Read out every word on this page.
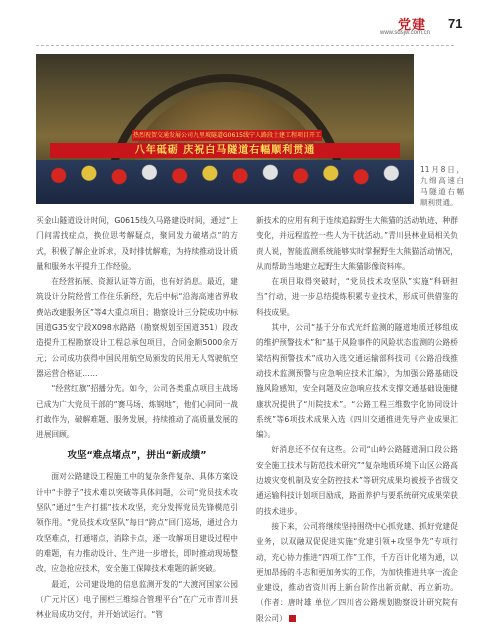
党建
www.sdsjw.com.cn
71
热烈祝贺交通发展公司九里坡隧道G0615线宁人路段土建工程项目开工
八年砥砺 庆祝白马隧道右幅顺利贯通
11月8日，九绵高速白马隧道右幅顺利贯通。

买金山隧道设计时间，G0615线久马路建设时间，通过“上门问需找症点，换位思考解疑点，聚同发力破堵点”的方式，积极了解企业诉求，及时排忧解难，为持续推动设计质量和服务水平提升工作经验。

在经营拓展、资源认证等方面，也有好消息。最近，建筑设计分院经营工作住乐新经，先后中标“沿海高速省界收费站改建服务区”等4大重点项目；勘察设计三分院成功中标国道G35安宁段X098水路路（勘察规划至国道351）段改造提升工程勘察设计工程总承包项目，合同金额5000余万元；公司成功获得中国民用航空局颁发的民用无人驾驶航空器运营合格证……

“经营红旗”招播分先。如今，公司各类重点项目主战场已成为广大党员干部的“赛马场、炼钢地”，他们心同同一战打敢作为，破解难题、服务发展，持续推动了高质量发展的进展回顾。

攻坚“难点堵点”，拼出“新成绩”

面对公路建设工程施工中的复杂条件复杂、具体方案设计中“卡脖子”技术难以突破等具体问题，公司“党员技术攻坚队”通过“生产打擂”技术攻坚，充分发挥党员先锋模范引领作用。“党员技术攻坚队”每日“跨点”回门巡场，通过合力攻坚难点，打通堵点，消除卡点，逐一攻解项目建设过程中的难题，有力推动设计、生产进一步增长，即时推动现场整改，应急抢应技术，安全施工保障技术难题的新突破。

最近，公司建设地的信息监测开发的“大渡河国家公园（广元片区）电子围栏三维综合管理平台”在广元市青川县林业局成功交付，并开始试运行。“管

新技术的应用有利于连续追踪野生大熊猫的活动轨迹、种群变化，并远程监控一些人为干扰活动。”青川县林业局相关负责人说，智能监测系统能够实时掌握野生大熊猫活动情况，从而帮助当地建立起野生大熊猫影像资料库。

在项目取得突破时，“党员技术攻坚队”实施“科研担当”行动，进一步总结提炼积累专业技术，形成可供借鉴的科技成果。

其中，公司“基于分布式光纤监测的隧道地质迁移组成的维护预警技术”和“基于风险事件的风险状态监测的公路桥梁结构预警技术”成功入选交通运输部科技司《公路沿线推动技术监测预警与应急响应技术汇编》，为加强公路基础设施风险感知，安全问题及应急响应技术支撑交通基础设施健康状况提供了“川院技术”。“公路工程三维数字化协同设计系统”等6项技术成果入选《四川交通推进先导产业成果汇编》。

好消息还不仅有这些。公司“山岭公路隧道洞口段公路安全施工技术与防范技术研究”“复杂地质环境下山区公路高边坡灾变机制及安全防控技术”等研究成果均被授予省级交通运输科技计划项目励成，路面养护与要系统研究成果荣获的技术进步。

接下来，公司将继续坚持围绕中心抓党建、抓好党建促业务，以双融双促促进实施“党建引领+攻坚争先”专项行动，充心协力推进“四项工作”工作，千方百计化堵为通，以更加昂扬的斗志和更加务实的工作，为加快推进共享一流企业建设，推动省资川再上新台阶作出新贡献、再立新功。（作者：唐时雄 单位／四川省公路规划勘察设计研究院有限公司）
